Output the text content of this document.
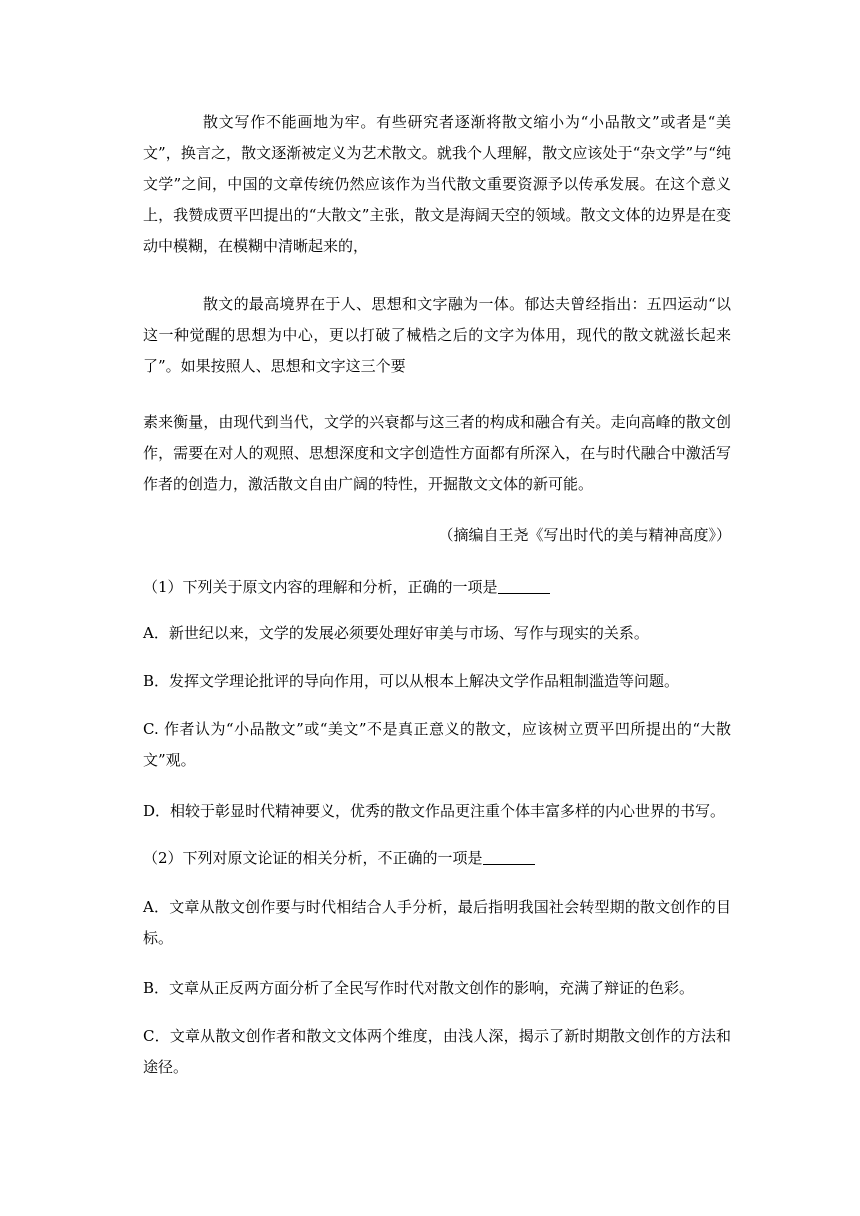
散文写作不能画地为牢。有些研究者逐渐将散文缩小为“小品散文”或者是“美文”，换言之，散文逐渐被定义为艺术散文。就我个人理解，散文应该处于“杂文学”与“纯文学”之间，中国的文章传统仍然应该作为当代散文重要资源予以传承发展。在这个意义上，我赞成贾平凹提出的“大散文”主张，散文是海阔天空的领域。散文文体的边界是在变动中模糊，在模糊中清晰起来的，

散文的最高境界在于人、思想和文字融为一体。郁达夫曾经指出：五四运动“以这一种觉醒的思想为中心，更以打破了械梏之后的文字为体用，现代的散文就滋长起来了”。如果按照人、思想和文字这三个要

素来衡量，由现代到当代，文学的兴衰都与这三者的构成和融合有关。走向高峰的散文创作，需要在对人的观照、思想深度和文字创造性方面都有所深入，在与时代融合中激活写作者的创造力，激活散文自由广阔的特性，开掘散文文体的新可能。

（摘编自王尧《写出时代的美与精神高度》）

（1）下列关于原文内容的理解和分析，正确的一项是

A．新世纪以来，文学的发展必须要处理好审美与市场、写作与现实的关系。

B．发挥文学理论批评的导向作用，可以从根本上解决文学作品粗制滥造等问题。

C. 作者认为“小品散文”或“美文”不是真正意义的散文，应该树立贾平凹所提出的“大散文”观。

D．相较于彰显时代精神要义，优秀的散文作品更注重个体丰富多样的内心世界的书写。

（2）下列对原文论证的相关分析，不正确的一项是

A．文章从散文创作要与时代相结合人手分析，最后指明我国社会转型期的散文创作的目标。

B．文章从正反两方面分析了全民写作时代对散文创作的影响，充满了辩证的色彩。

C．文章从散文创作者和散文文体两个维度，由浅人深，揭示了新时期散文创作的方法和途径。
